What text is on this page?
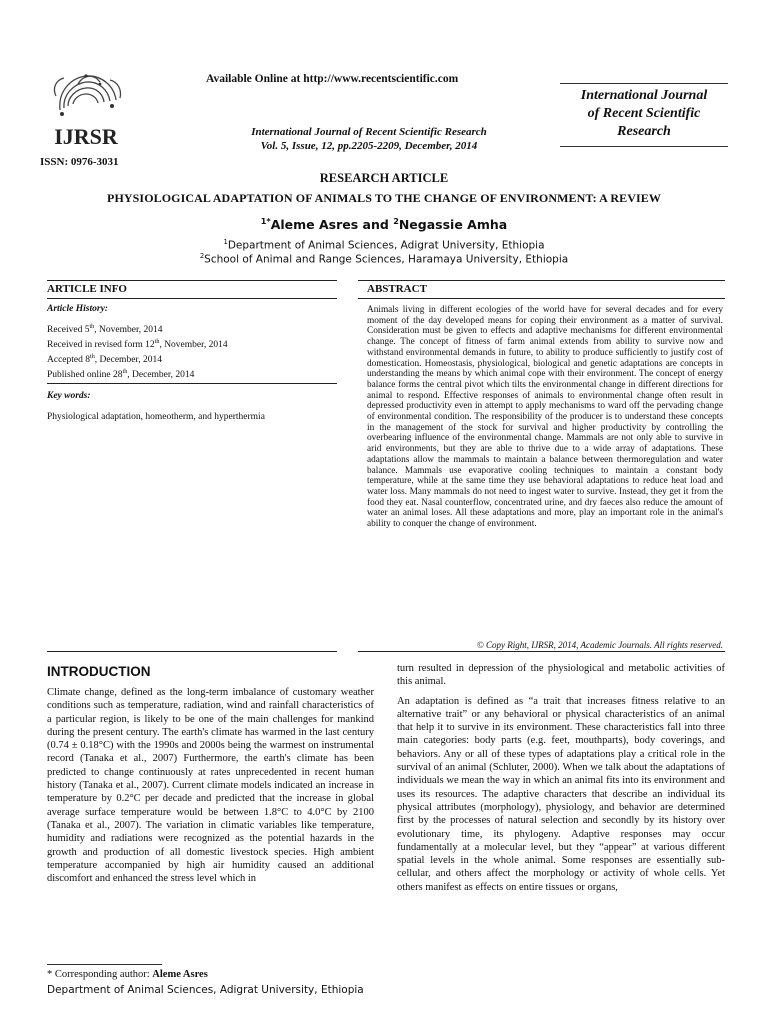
IJRSR
Available Online at http://www.recentscientific.com
ISSN: 0976-3031
International Journal of Recent Scientific Research
Vol. 5, Issue, 12, pp.2205-2209, December, 2014
International Journal
of Recent Scientific
Research
RESEARCH ARTICLE
PHYSIOLOGICAL ADAPTATION OF ANIMALS TO THE CHANGE OF ENVIRONMENT: A REVIEW
$^{1*}$Aleme Asres and $^2$Negassie Amha
$^1$Department of Animal Sciences, Adigrat University, Ethiopia
$^2$School of Animal and Range Sciences, Haramaya University, Ethiopia
ARTICLE INFO
Article History:
Received 5th, November, 2014
Received in revised form 12th, November, 2014
Accepted 8th, December, 2014
Published online 28th, December, 2014
Key words:
Physiological adaptation, homeotherm, and hyperthermia
ABSTRACT
Animals living in different ecologies of the world have for several decades and for every moment of the day developed means for coping their environment as a matter of survival. Consideration must be given to effects and adaptive mechanisms for different environmental change. The concept of fitness of farm animal extends from ability to survive now and withstand environmental demands in future, to ability to produce sufficiently to justify cost of domestication. Homeostasis, physiological, biological and genetic adaptations are concepts in understanding the means by which animal cope with their environment. The concept of energy balance forms the central pivot which tilts the environmental change in different directions for animal to respond. Effective responses of animals to environmental change often result in depressed productivity even in attempt to apply mechanisms to ward off the pervading change of environmental condition. The responsibility of the producer is to understand these concepts in the management of the stock for survival and higher productivity by controlling the overbearing influence of the environmental change. Mammals are not only able to survive in arid environments, but they are able to thrive due to a wide array of adaptations. These adaptations allow the mammals to maintain a balance between thermoregulation and water balance. Mammals use evaporative cooling techniques to maintain a constant body temperature, while at the same time they use behavioral adaptations to reduce heat load and water loss. Many mammals do not need to ingest water to survive. Instead, they get it from the food they eat. Nasal counterflow, concentrated urine, and dry faeces also reduce the amount of water an animal loses. All these adaptations and more, play an important role in the animal's ability to conquer the change of environment.
© Copy Right, IJRSR, 2014, Academic Journals. All rights reserved.
INTRODUCTION
Climate change, defined as the long-term imbalance of customary weather conditions such as temperature, radiation, wind and rainfall characteristics of a particular region, is likely to be one of the main challenges for mankind during the present century. The earth's climate has warmed in the last century (0.74 ± 0.18°C) with the 1990s and 2000s being the warmest on instrumental record (Tanaka et al., 2007) Furthermore, the earth's climate has been predicted to change continuously at rates unprecedented in recent human history (Tanaka et al., 2007). Current climate models indicated an increase in temperature by 0.2°C per decade and predicted that the increase in global average surface temperature would be between 1.8°C to 4.0°C by 2100 (Tanaka et al., 2007). The variation in climatic variables like temperature, humidity and radiations were recognized as the potential hazards in the growth and production of all domestic livestock species. High ambient temperature accompanied by high air humidity caused an additional discomfort and enhanced the stress level which in

turn resulted in depression of the physiological and metabolic activities of this animal.

An adaptation is defined as “a trait that increases fitness relative to an alternative trait” or any behavioral or physical characteristics of an animal that help it to survive in its environment. These characteristics fall into three main categories: body parts (e.g. feet, mouthparts), body coverings, and behaviors. Any or all of these types of adaptations play a critical role in the survival of an animal (Schluter, 2000). When we talk about the adaptations of individuals we mean the way in which an animal fits into its environment and uses its resources. The adaptive characters that describe an individual its physical attributes (morphology), physiology, and behavior are determined first by the processes of natural selection and secondly by its history over evolutionary time, its phylogeny. Adaptive responses may occur fundamentally at a molecular level, but they “appear” at various different spatial levels in the whole animal. Some responses are essentially sub-cellular, and others affect the morphology or activity of whole cells. Yet others manifest as effects on entire tissues or organs,

* Corresponding author: Aleme Asres
Department of Animal Sciences, Adigrat University, Ethiopia
